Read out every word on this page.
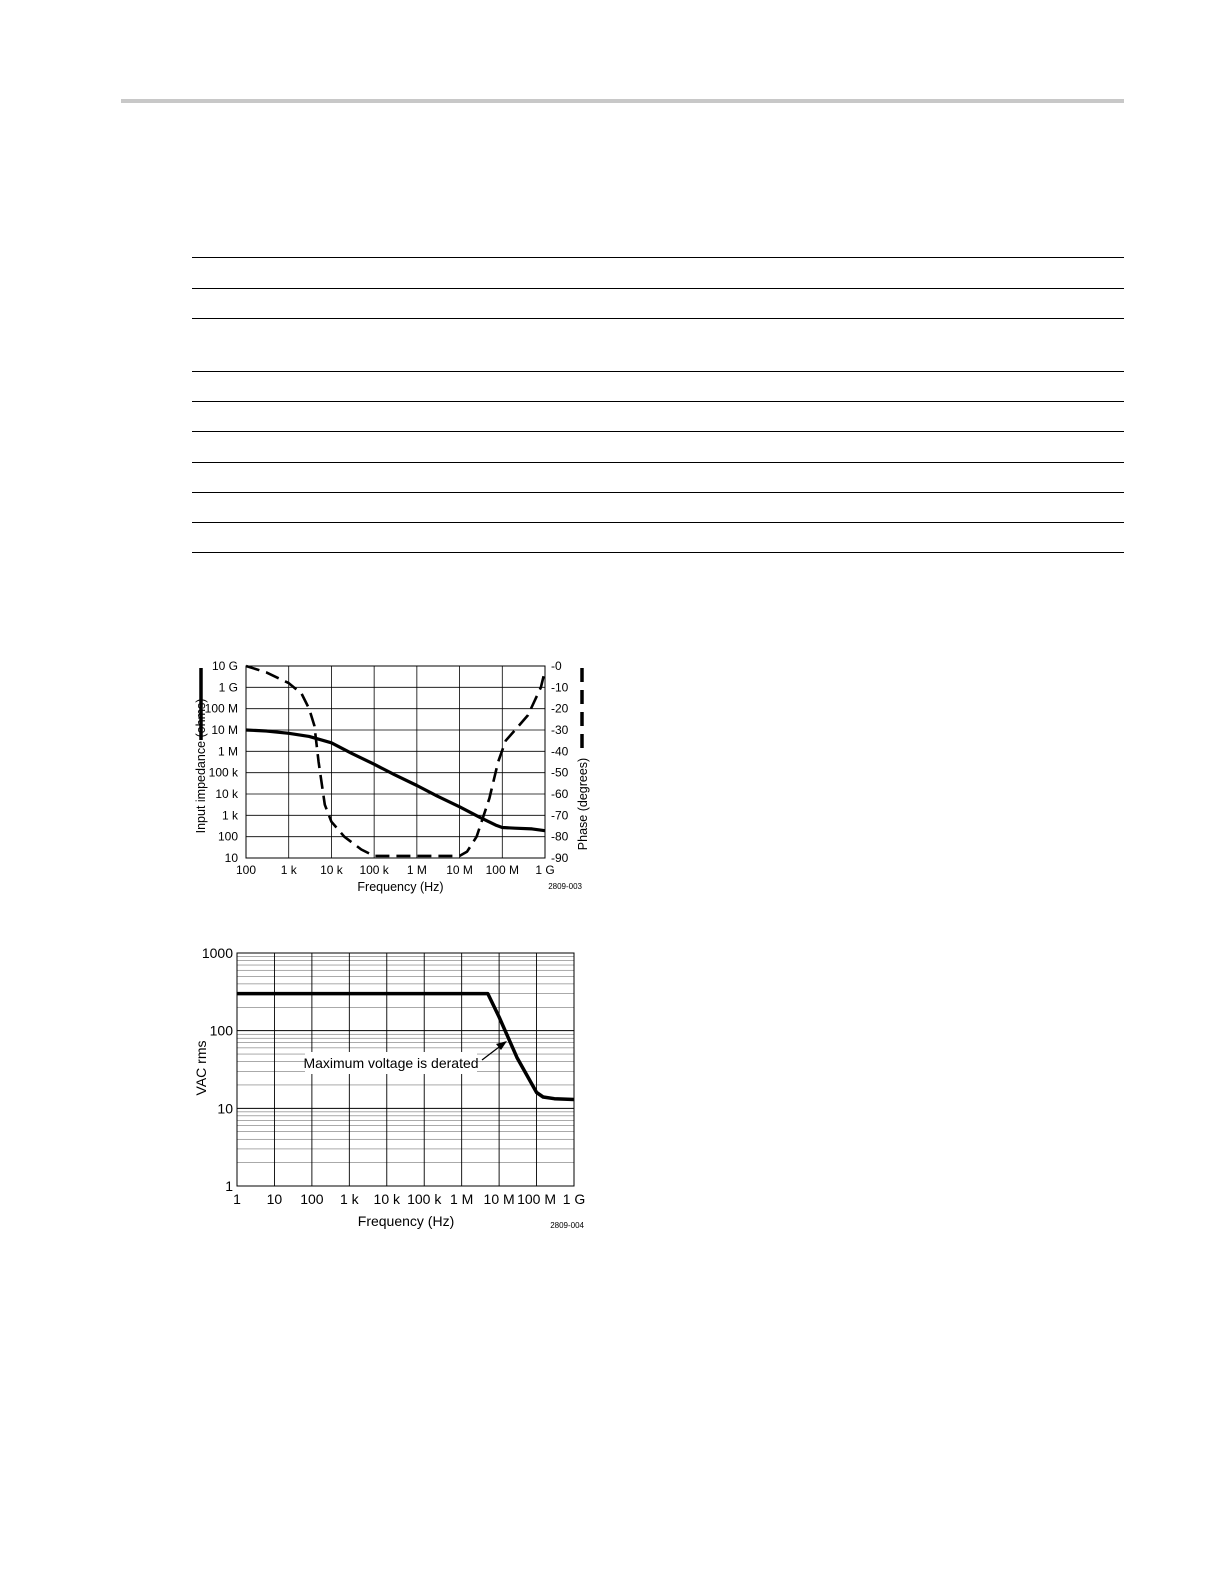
100 1 k 10 k 100 k 1 M 10 M 100 M 1 G
10
100
1 k
10 k
100 k
1 M
10 M
100 M
1 G
10 G	-0
-10
-20
-30
-40
-50
-60
-70
-80
-90
Frequency (Hz)
Input impedance (ohms)	Phase (degrees)
2809-003
1 10 100 1 k 10 k 100 k 1 M 10 M 100 M 1 G
1
10
100
1000
Frequency (Hz)
VAC rms
2809-004
Maximum voltage is derated
